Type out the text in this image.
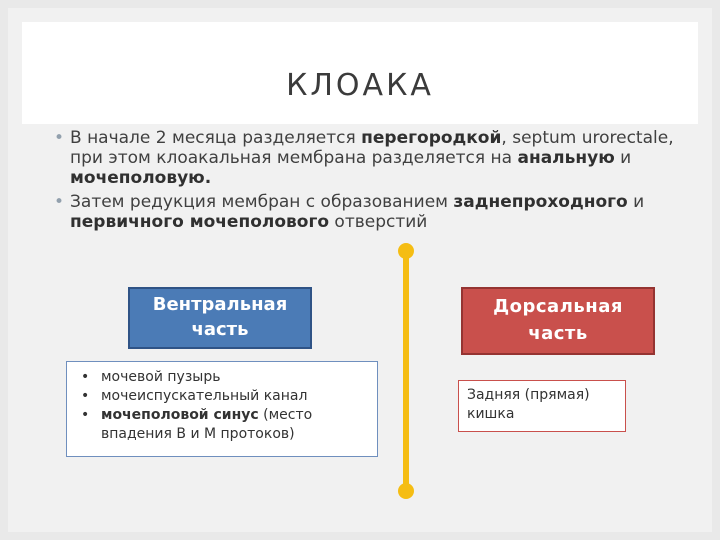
КЛОАКА
• В начале 2 месяца разделяется перегородкой, septum urorectale, при этом клоакальная мембрана разделяется на анальную и мочеполовую.
• Затем редукция мембран с образованием заднепроходного и первичного мочеполового отверстий
Вентральная
часть
Дорсальная
часть
• мочевой пузырь
• мочеиспускательный канал
• мочеполовой синус (место впадения В и М протоков)
Задняя (прямая) кишка
